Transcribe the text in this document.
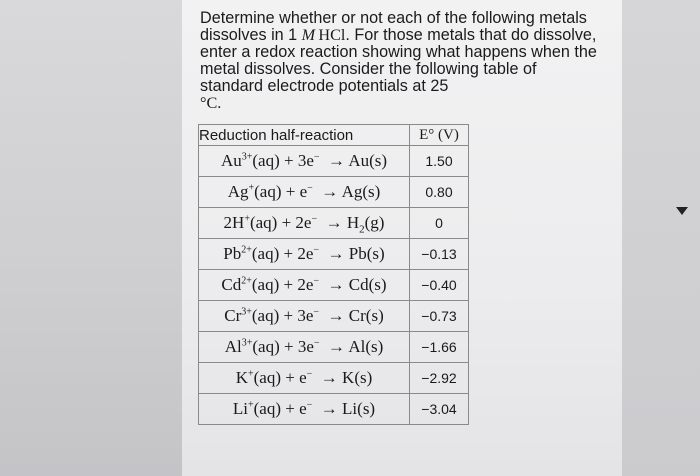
Determine whether or not each of the following metals dissolves in 1 M  HCl. For those metals that do dissolve, enter a redox reaction showing what happens when the metal dissolves. Consider the following table of standard electrode potentials at 25
°C.
Reduction half-reaction	E° (V)
$Au^{3+}(aq) + 3e^- \to Au(s)$	1.50
Ag+(aq) + e−  → Ag(s)	0.80
$2H^+(aq) + 2e^- \to H_2(g)$	0
$Pb^{2+}(aq) + 2e^- \to Pb(s)$	−0.13
$Cd^{2+}(aq) + 2e^- \to Cd(s)$	−0.40
$Cr^{3+}(aq) + 3e^- \to Cr(s)$	−0.73
$Al^{3+}(aq) + 3e^- \to Al(s)$	−1.66
K+(aq) + e−  → K(s)	−2.92
Li+(aq) + e−  → Li(s)	−3.04
